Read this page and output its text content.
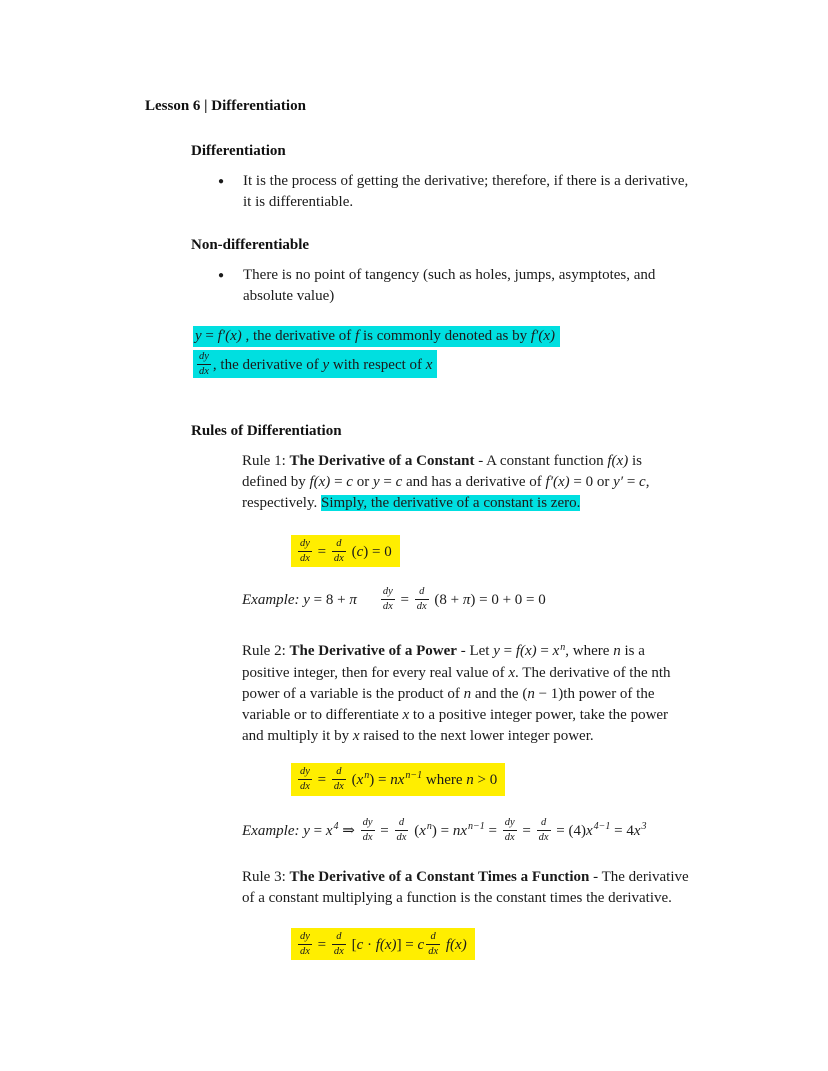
Lesson 6 | Differentiation
Differentiation
●	It is the process of getting the derivative; therefore, if there is a derivative,
it is differentiable.
Non-differentiable
●	There is no point of tangency (such as holes, jumps, asymptotes, and
absolute value)
y = f′(x) , the derivative of f is commonly denoted as by f′(x)
$\frac{dy}{dx}$ , the derivative of y with respect of x
Rules of Differentiation
Rule 1: The Derivative of a Constant - A constant function f(x) is
defined by f(x) = c or y = c and has a derivative of f′(x) = 0 or y′ = c,
respectively. Simply, the derivative of a constant is zero.
$\frac{dy}{dx} = \frac{d}{dx} (c) = 0$
Example: y = 8 + π $\frac{dy}{dx} = \frac{d}{dx} (8 + \pi) = 0 + 0 = 0$
Rule 2: The Derivative of a Power - Let $y = f(x) = x^n$, where n is a
positive integer, then for every real value of x. The derivative of the nth
power of a variable is the product of n and the (n − 1)th power of the
variable or to differentiate x to a positive integer power, take the power
and multiply it by x raised to the next lower integer power.
$\frac{dy}{dx} = \frac{d}{dx} (x^n) = nx^{n-1}$ where n > 0
Example: $y = x^4$ ⇒ $\frac{dy}{dx} = \frac{d}{dx} (x^n) = nx^{n-1} = \frac{dy}{dx} = \frac{d}{dx} = (4)x^{4-1} = 4x^3$
Rule 3: The Derivative of a Constant Times a Function - The derivative
of a constant multiplying a function is the constant times the derivative.
$\frac{dy}{dx} = \frac{d}{dx} [c \cdot f(x)] = c \frac{d}{dx} f(x)$
